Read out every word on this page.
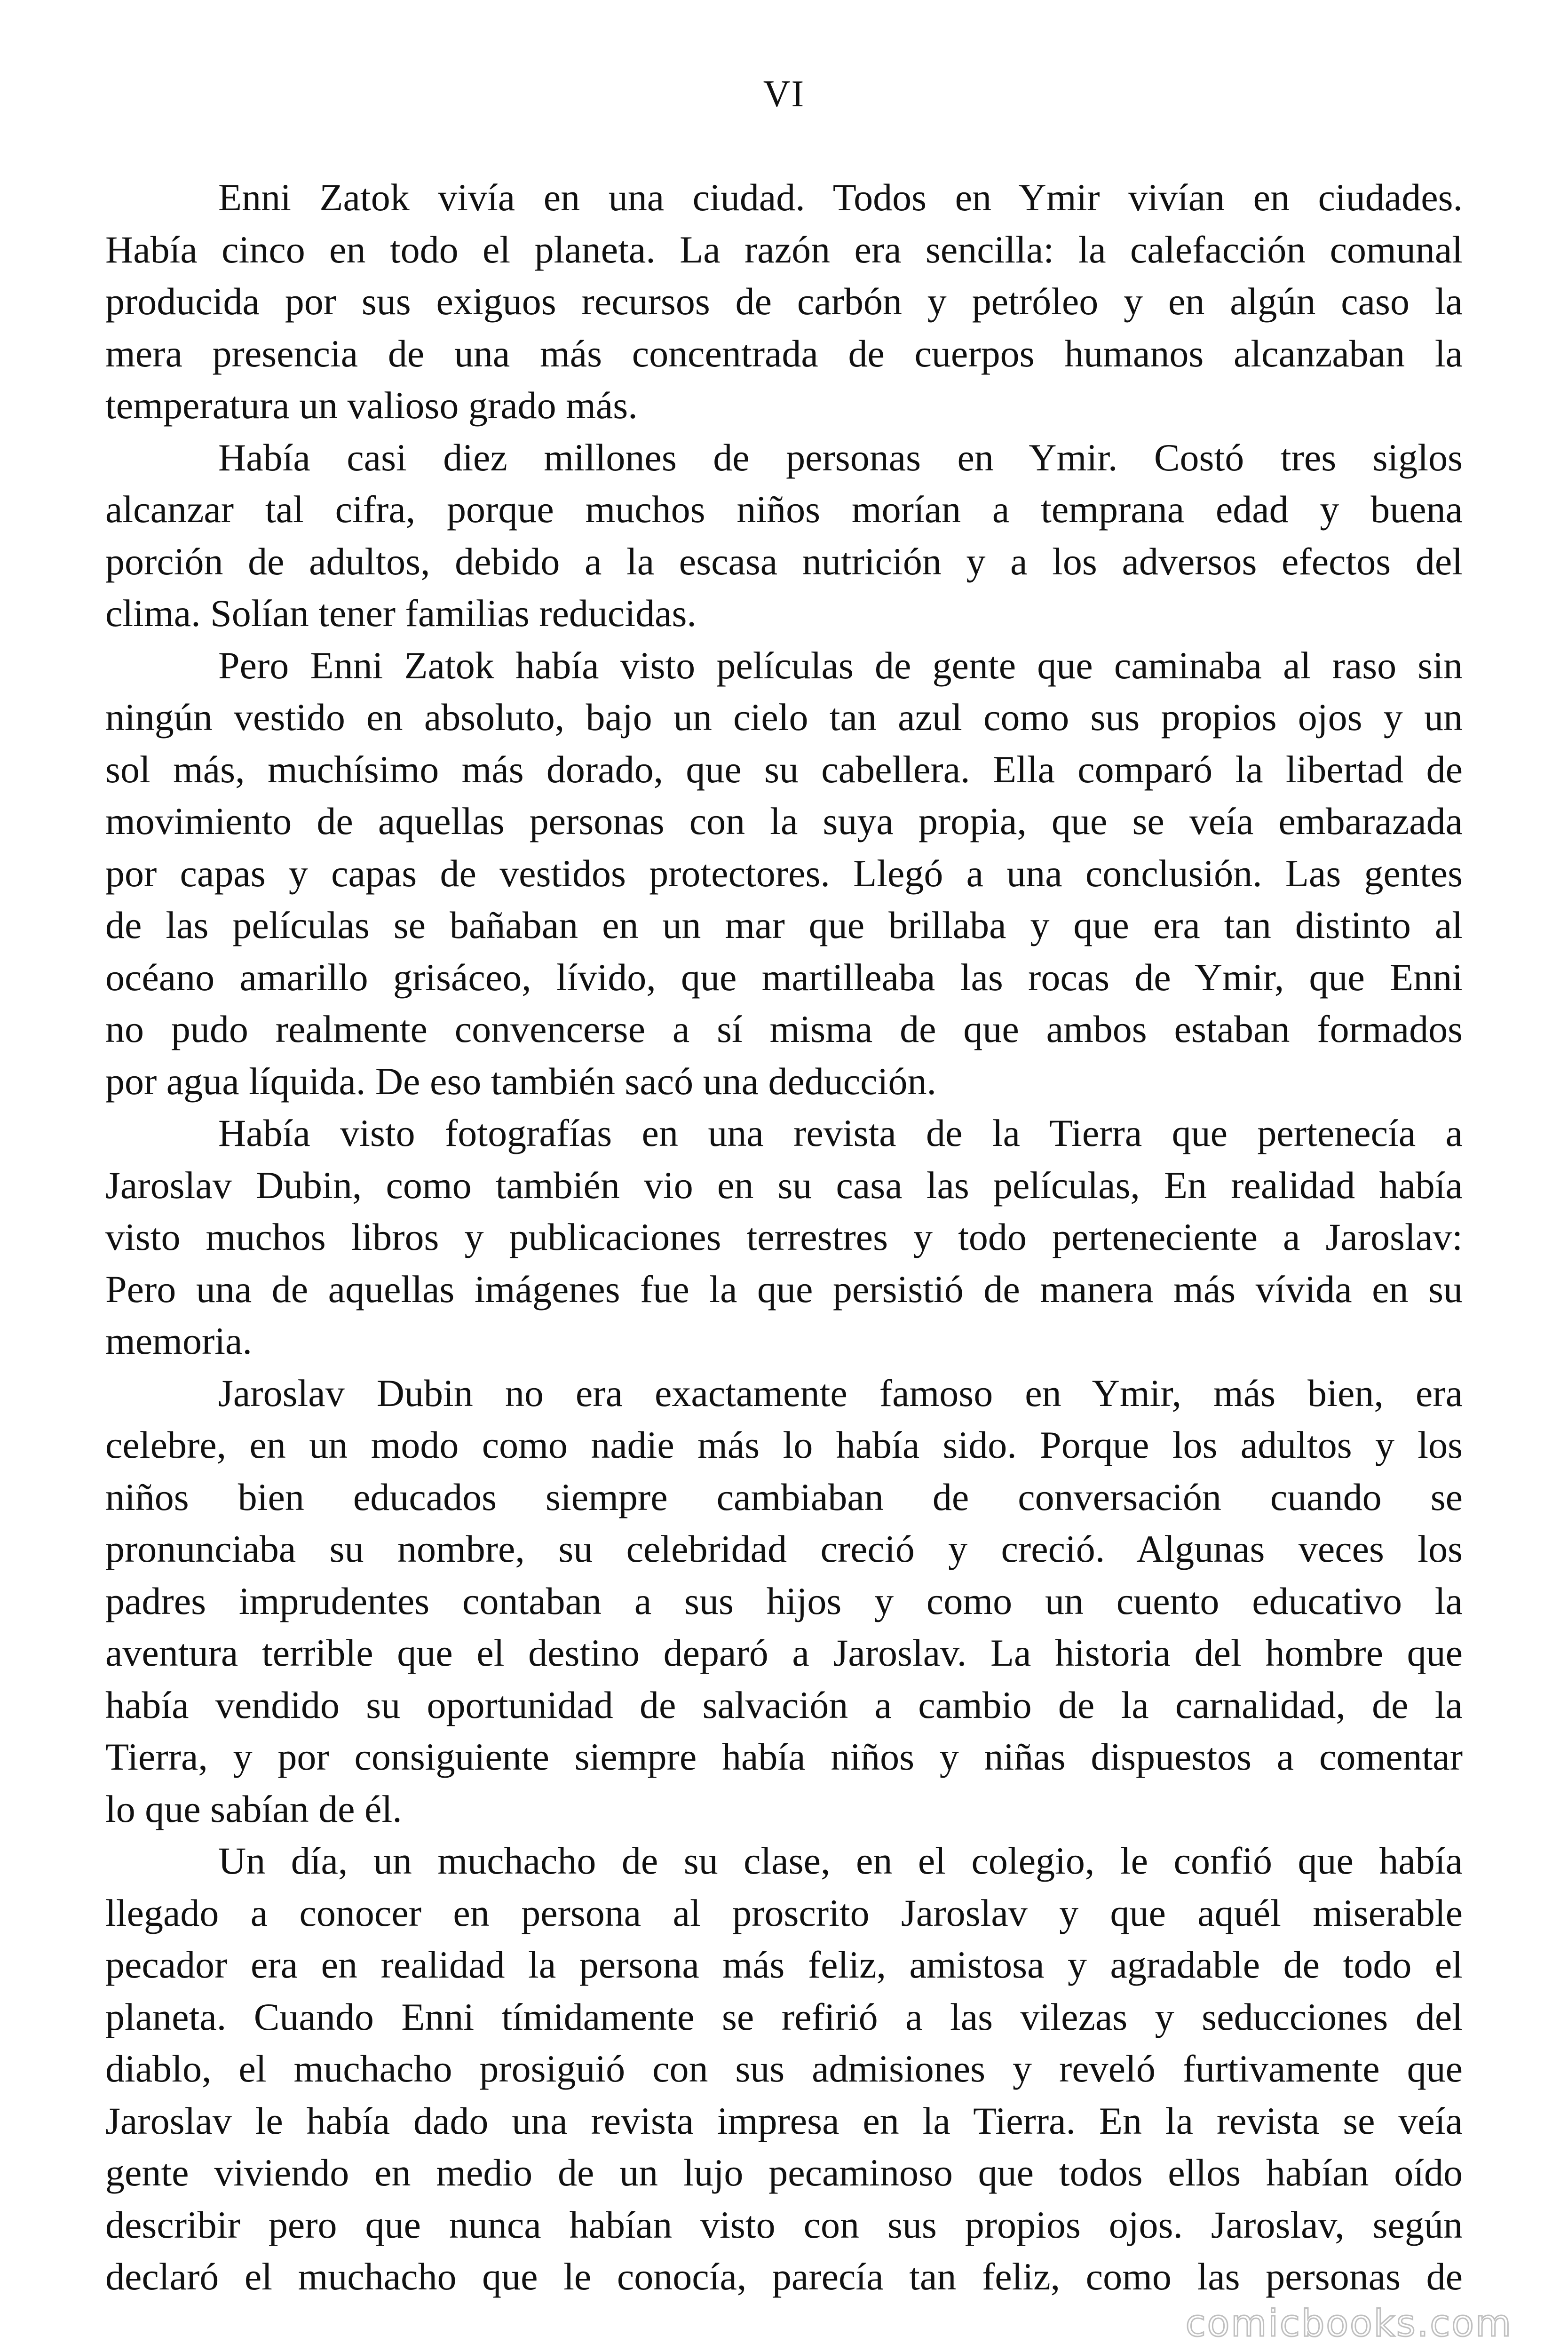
VI
Enni Zatok vivía en una ciudad. Todos en Ymir vivían en ciudades.
Había cinco en todo el planeta. La razón era sencilla: la calefacción comunal
producida por sus exiguos recursos de carbón y petróleo y en algún caso la
mera presencia de una más concentrada de cuerpos humanos alcanzaban la
temperatura un valioso grado más.
Había casi diez millones de personas en Ymir. Costó tres siglos
alcanzar tal cifra, porque muchos niños morían a temprana edad y buena
porción de adultos, debido a la escasa nutrición y a los adversos efectos del
clima. Solían tener familias reducidas.
Pero Enni Zatok había visto películas de gente que caminaba al raso sin
ningún vestido en absoluto, bajo un cielo tan azul como sus propios ojos y un
sol más, muchísimo más dorado, que su cabellera. Ella comparó la libertad de
movimiento de aquellas personas con la suya propia, que se veía embarazada
por capas y capas de vestidos protectores. Llegó a una conclusión. Las gentes
de las películas se bañaban en un mar que brillaba y que era tan distinto al
océano amarillo grisáceo, lívido, que martilleaba las rocas de Ymir, que Enni
no pudo realmente convencerse a sí misma de que ambos estaban formados
por agua líquida. De eso también sacó una deducción.
Había visto fotografías en una revista de la Tierra que pertenecía a
Jaroslav Dubin, como también vio en su casa las películas, En realidad había
visto muchos libros y publicaciones terrestres y todo perteneciente a Jaroslav:
Pero una de aquellas imágenes fue la que persistió de manera más vívida en su
memoria.
Jaroslav Dubin no era exactamente famoso en Ymir, más bien, era
celebre, en un modo como nadie más lo había sido. Porque los adultos y los
niños bien educados siempre cambiaban de conversación cuando se
pronunciaba su nombre, su celebridad creció y creció. Algunas veces los
padres imprudentes contaban a sus hijos y como un cuento educativo la
aventura terrible que el destino deparó a Jaroslav. La historia del hombre que
había vendido su oportunidad de salvación a cambio de la carnalidad, de la
Tierra, y por consiguiente siempre había niños y niñas dispuestos a comentar
lo que sabían de él.
Un día, un muchacho de su clase, en el colegio, le confió que había
llegado a conocer en persona al proscrito Jaroslav y que aquél miserable
pecador era en realidad la persona más feliz, amistosa y agradable de todo el
planeta. Cuando Enni tímidamente se refirió a las vilezas y seducciones del
diablo, el muchacho prosiguió con sus admisiones y reveló furtivamente que
Jaroslav le había dado una revista impresa en la Tierra. En la revista se veía
gente viviendo en medio de un lujo pecaminoso que todos ellos habían oído
describir pero que nunca habían visto con sus propios ojos. Jaroslav, según
declaró el muchacho que le conocía, parecía tan feliz, como las personas de
comicbooks.com
